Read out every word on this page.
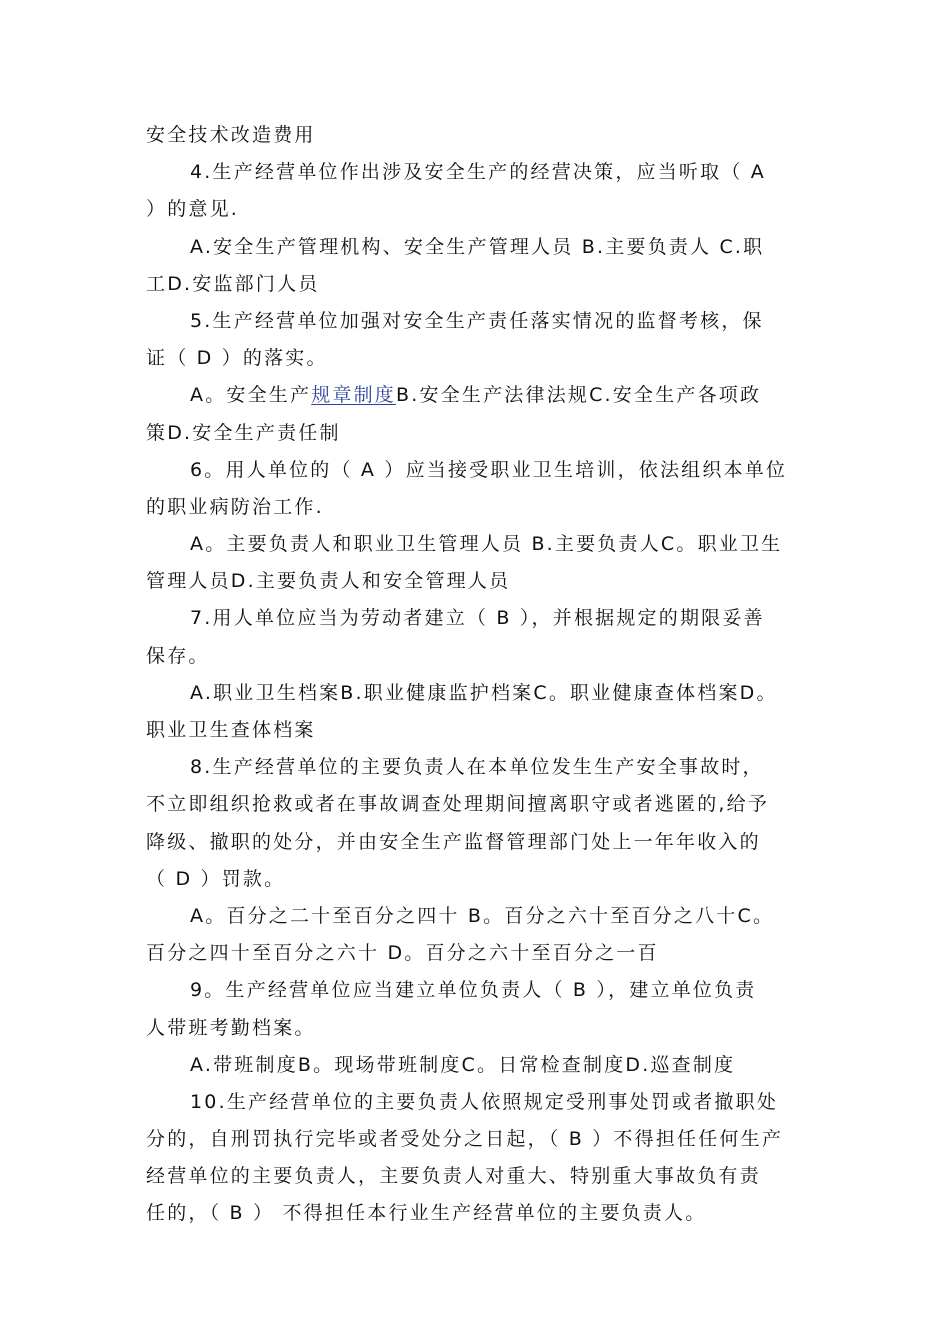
安全技术改造费用
4.生产经营单位作出涉及安全生产的经营决策，应当听取（ A
）的意见.
A.安全生产管理机构、安全生产管理人员 B.主要负责人 C.职
工D.安监部门人员
5.生产经营单位加强对安全生产责任落实情况的监督考核，保
证（ D ）的落实。
A。安全生产规章制度B.安全生产法律法规C.安全生产各项政
策D.安全生产责任制
6。用人单位的（ A ）应当接受职业卫生培训，依法组织本单位
的职业病防治工作.
A。主要负责人和职业卫生管理人员 B.主要负责人C。职业卫生
管理人员D.主要负责人和安全管理人员
7.用人单位应当为劳动者建立（ B ），并根据规定的期限妥善
保存。
A.职业卫生档案B.职业健康监护档案C。职业健康查体档案D。
职业卫生查体档案
8.生产经营单位的主要负责人在本单位发生生产安全事故时，
不立即组织抢救或者在事故调查处理期间擅离职守或者逃匿的,给予
降级、撤职的处分，并由安全生产监督管理部门处上一年年收入的
（ D ）罚款。
A。百分之二十至百分之四十 B。百分之六十至百分之八十C。
百分之四十至百分之六十 D。百分之六十至百分之一百
9。生产经营单位应当建立单位负责人（ B ），建立单位负责
人带班考勤档案。
A.带班制度B。现场带班制度C。日常检查制度D.巡查制度
10.生产经营单位的主要负责人依照规定受刑事处罚或者撤职处
分的，自刑罚执行完毕或者受处分之日起，（ B ）不得担任任何生产
经营单位的主要负责人，主要负责人对重大、特别重大事故负有责
任的，（ B ） 不得担任本行业生产经营单位的主要负责人。
